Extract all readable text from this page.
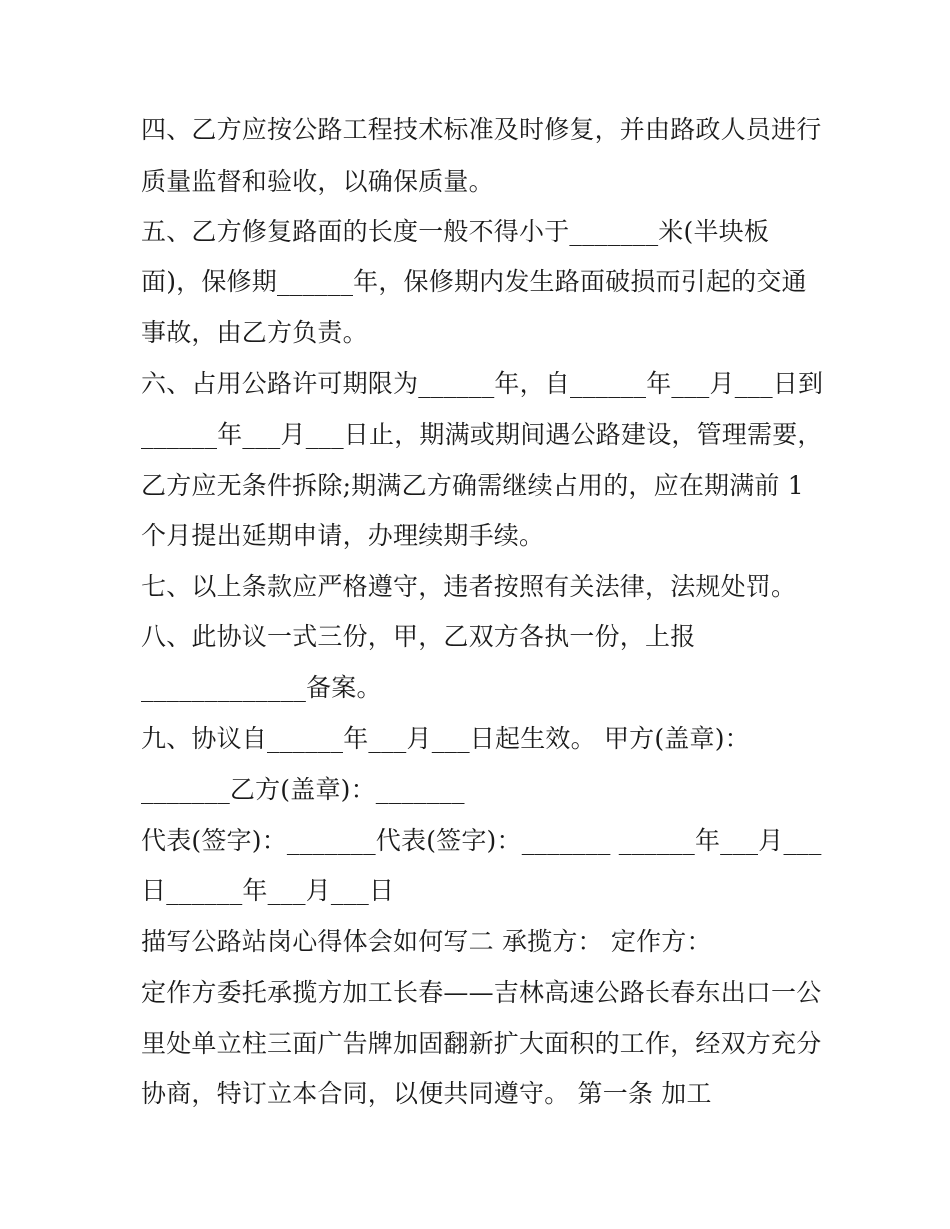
四、乙方应按公路工程技术标准及时修复，并由路政人员进行
质量监督和验收，以确保质量。
五、乙方修复路面的长度一般不得小于_______米(半块板
面)，保修期______年，保修期内发生路面破损而引起的交通
事故，由乙方负责。
六、占用公路许可期限为______年，自______年___月___日到
______年___月___日止，期满或期间遇公路建设，管理需要，
乙方应无条件拆除;期满乙方确需继续占用的，应在期满前 1
个月提出延期申请，办理续期手续。
七、以上条款应严格遵守，违者按照有关法律，法规处罚。
八、此协议一式三份，甲，乙双方各执一份，上报
_____________备案。
九、协议自______年___月___日起生效。 甲方(盖章)：
_______乙方(盖章)：_______
代表(签字)：_______代表(签字)：_______ ______年___月___
日______年___月___日
描写公路站岗心得体会如何写二 承揽方： 定作方：
定作方委托承揽方加工长春——吉林高速公路长春东出口一公
里处单立柱三面广告牌加固翻新扩大面积的工作，经双方充分
协商，特订立本合同，以便共同遵守。 第一条 加工
